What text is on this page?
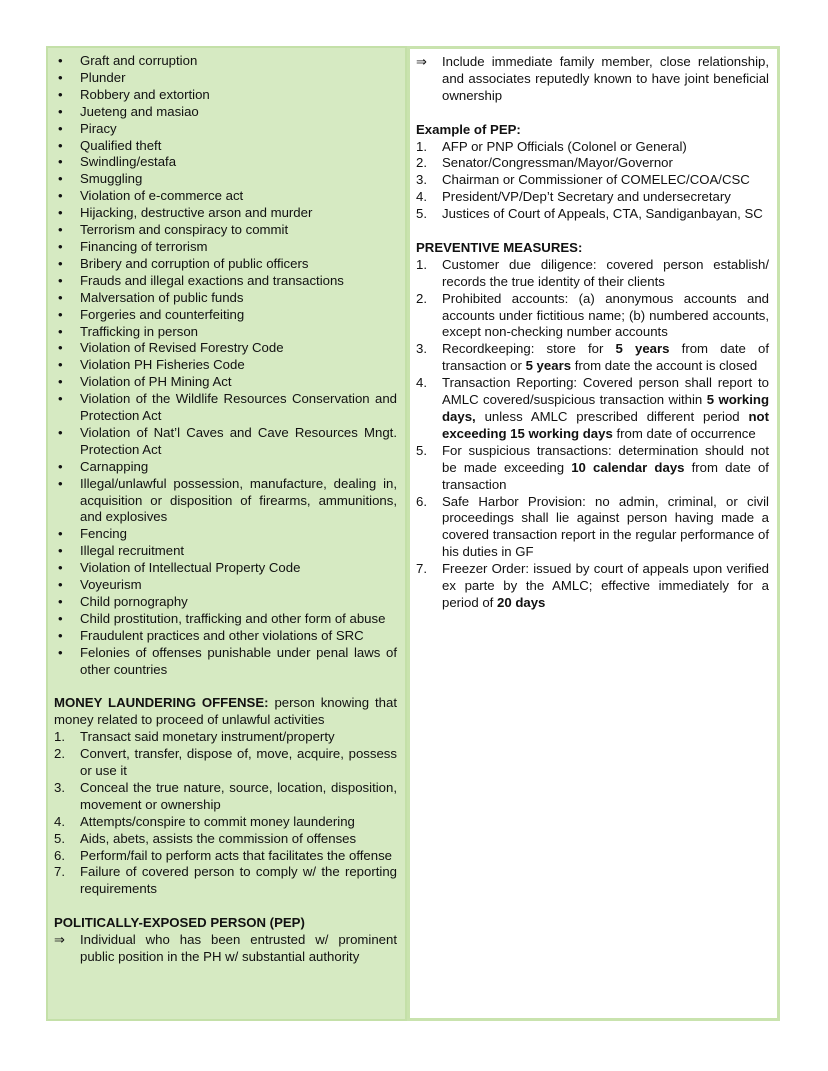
• Graft and corruption
• Plunder
• Robbery and extortion
• Jueteng and masiao
• Piracy
• Qualified theft
• Swindling/estafa
• Smuggling
• Violation of e-commerce act
• Hijacking, destructive arson and murder
• Terrorism and conspiracy to commit
• Financing of terrorism
• Bribery and corruption of public officers
• Frauds and illegal exactions and transactions
• Malversation of public funds
• Forgeries and counterfeiting
• Trafficking in person
• Violation of Revised Forestry Code
• Violation PH Fisheries Code
• Violation of PH Mining Act
• Violation of the Wildlife Resources Conservation and Protection Act
• Violation of Nat’l Caves and Cave Resources Mngt. Protection Act
• Carnapping
• Illegal/unlawful possession, manufacture, dealing in, acquisition or disposition of firearms, ammunitions, and explosives
• Fencing
• Illegal recruitment
• Violation of Intellectual Property Code
• Voyeurism
• Child pornography
• Child prostitution, trafficking and other form of abuse
• Fraudulent practices and other violations of SRC
• Felonies of offenses punishable under penal laws of other countries

MONEY LAUNDERING OFFENSE: person knowing that money related to proceed of unlawful activities

1. Transact said monetary instrument/property
2. Convert, transfer, dispose of, move, acquire, possess or use it
3. Conceal the true nature, source, location, disposition, movement or ownership
4. Attempts/conspire to commit money laundering
5. Aids, abets, assists the commission of offenses
6. Perform/fail to perform acts that facilitates the offense
7. Failure of covered person to comply w/ the reporting requirements

POLITICALLY-EXPOSED PERSON (PEP)

⇒ Individual who has been entrusted w/ prominent public position in the PH w/ substantial authority
⇒ Include immediate family member, close relationship, and associates reputedly known to have joint beneficial ownership

Example of PEP:

1. AFP or PNP Officials (Colonel or General)
2. Senator/Congressman/Mayor/Governor
3. Chairman or Commissioner of COMELEC/COA/CSC
4. President/VP/Dep’t Secretary and undersecretary
5. Justices of Court of Appeals, CTA, Sandiganbayan, SC

PREVENTIVE MEASURES:

1. Customer due diligence: covered person establish/ records the true identity of their clients
2. Prohibited accounts: (a) anonymous accounts and accounts under fictitious name; (b) numbered accounts, except non-checking number accounts
3. Recordkeeping: store for 5 years from date of transaction or 5 years from date the account is closed
4. Transaction Reporting: Covered person shall report to AMLC covered/suspicious transaction within 5 working days, unless AMLC prescribed different period not exceeding 15 working days from date of occurrence
5. For suspicious transactions: determination should not be made exceeding 10 calendar days from date of transaction
6. Safe Harbor Provision: no admin, criminal, or civil proceedings shall lie against person having made a covered transaction report in the regular performance of his duties in GF
7. Freezer Order: issued by court of appeals upon verified ex parte by the AMLC; effective immediately for a period of 20 days
